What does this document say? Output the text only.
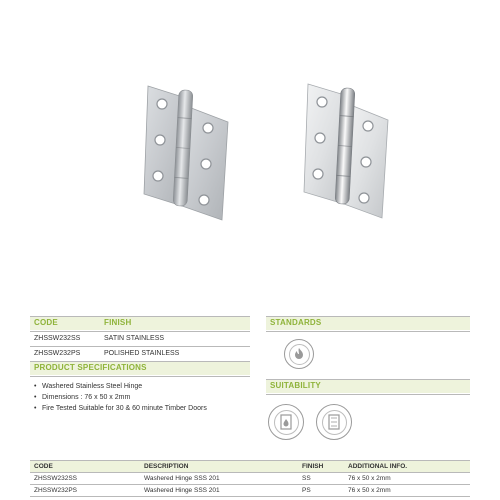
CODE	FINISH
ZHSSW232SS	SATIN STAINLESS
ZHSSW232PS	POLISHED STAINLESS
PRODUCT SPECIFICATIONS
• Washered Stainless Steel Hinge
• Dimensions : 76 x 50 x 2mm
• Fire Tested Suitable for 30 & 60 minute Timber Doors
STANDARDS
SUITABILITY
CODE	DESCRIPTION	FINISH	ADDITIONAL INFO.
ZHSSW232SS	Washered Hinge SSS 201	SS	76 x 50 x 2mm
ZHSSW232PS	Washered Hinge SSS 201	PS	76 x 50 x 2mm
